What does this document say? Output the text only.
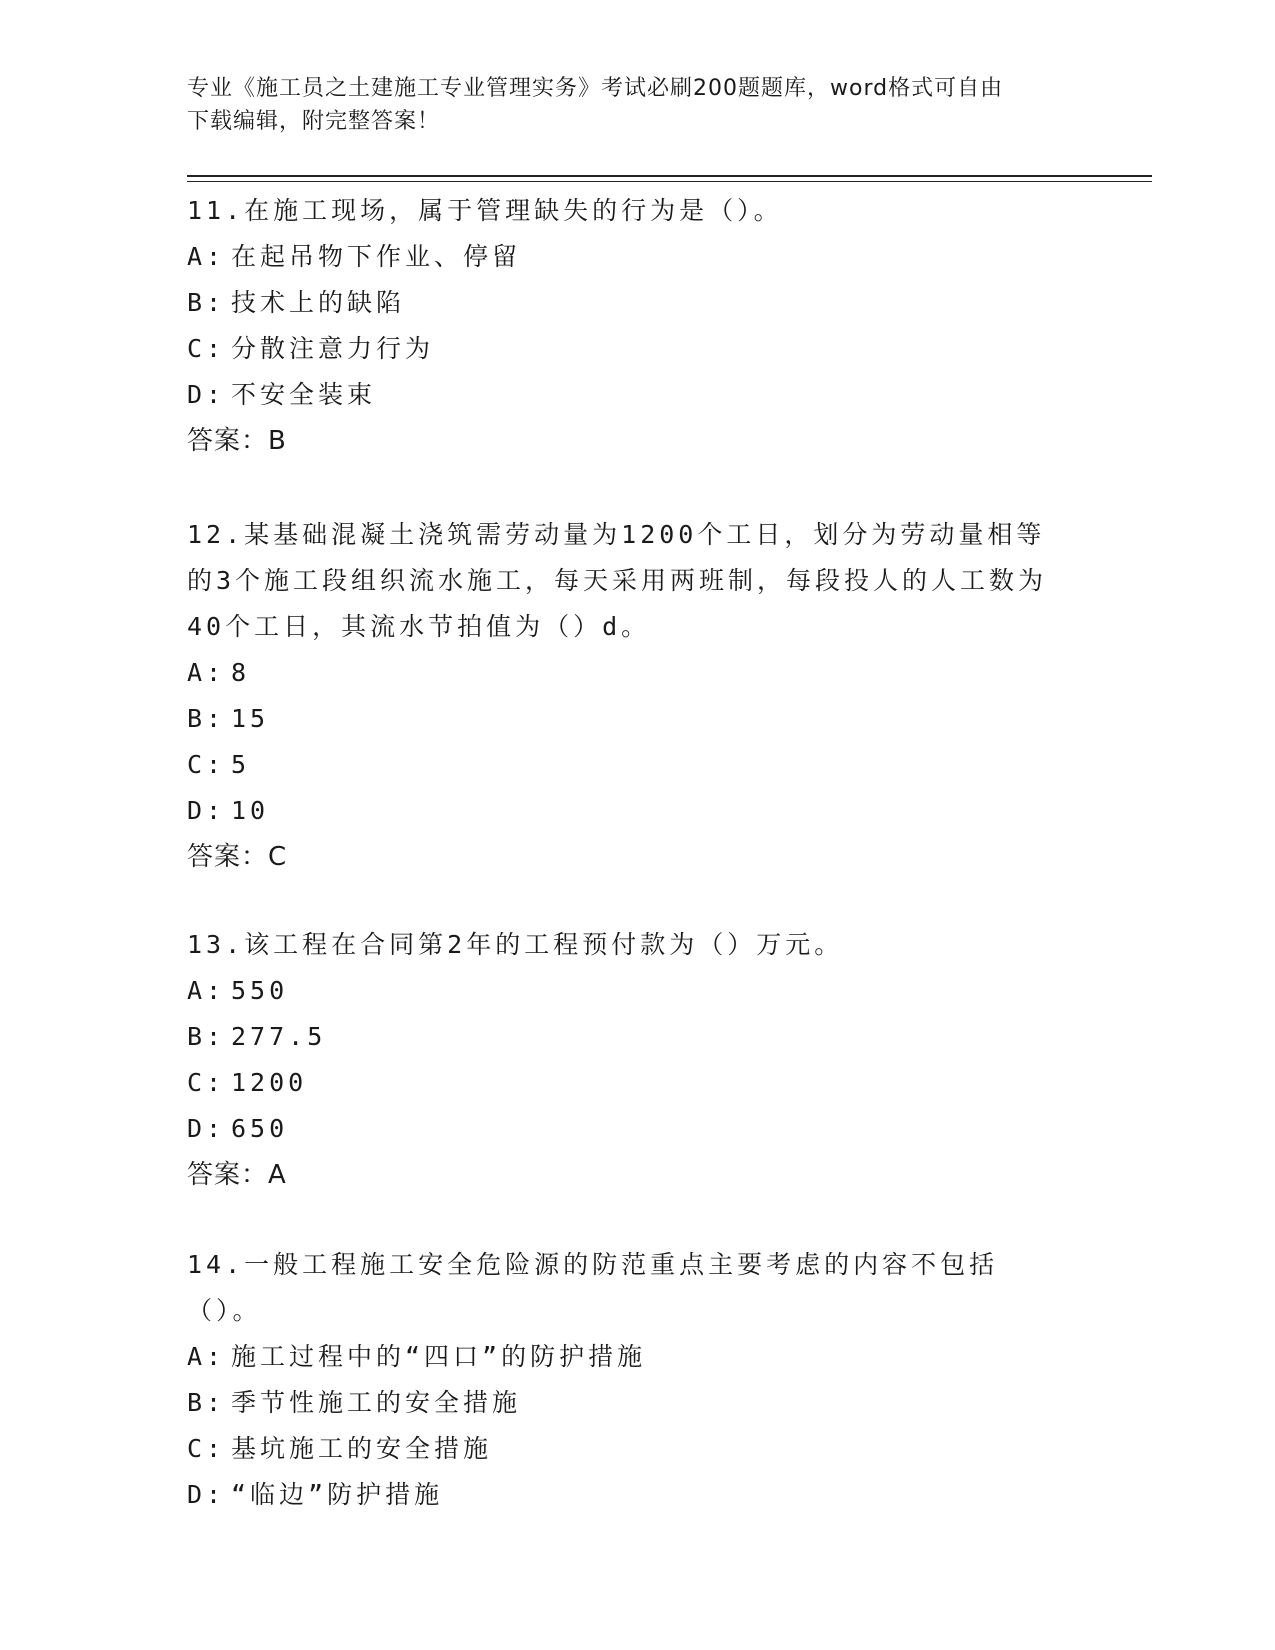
专业《施工员之土建施工专业管理实务》考试必刷200题题库，word格式可自由
下载编辑，附完整答案！

11.在施工现场，属于管理缺失的行为是（）。

A: 在起吊物下作业、停留

B: 技术上的缺陷

C: 分散注意力行为

D: 不安全装束

答案：B

12.某基础混凝土浇筑需劳动量为1200个工日，划分为劳动量相等的3个施工段组织流水施工，每天采用两班制，每段投人的人工数为40个工日，其流水节拍值为（）d。

A: 8

B: 15

C: 5

D: 10

答案：C

13.该工程在合同第2年的工程预付款为（）万元。

A: 550

B: 277.5

C: 1200

D: 650

答案：A

14.一般工程施工安全危险源的防范重点主要考虑的内容不包括（）。

A: 施工过程中的“四口”的防护措施

B: 季节性施工的安全措施

C: 基坑施工的安全措施

D: “临边”防护措施
